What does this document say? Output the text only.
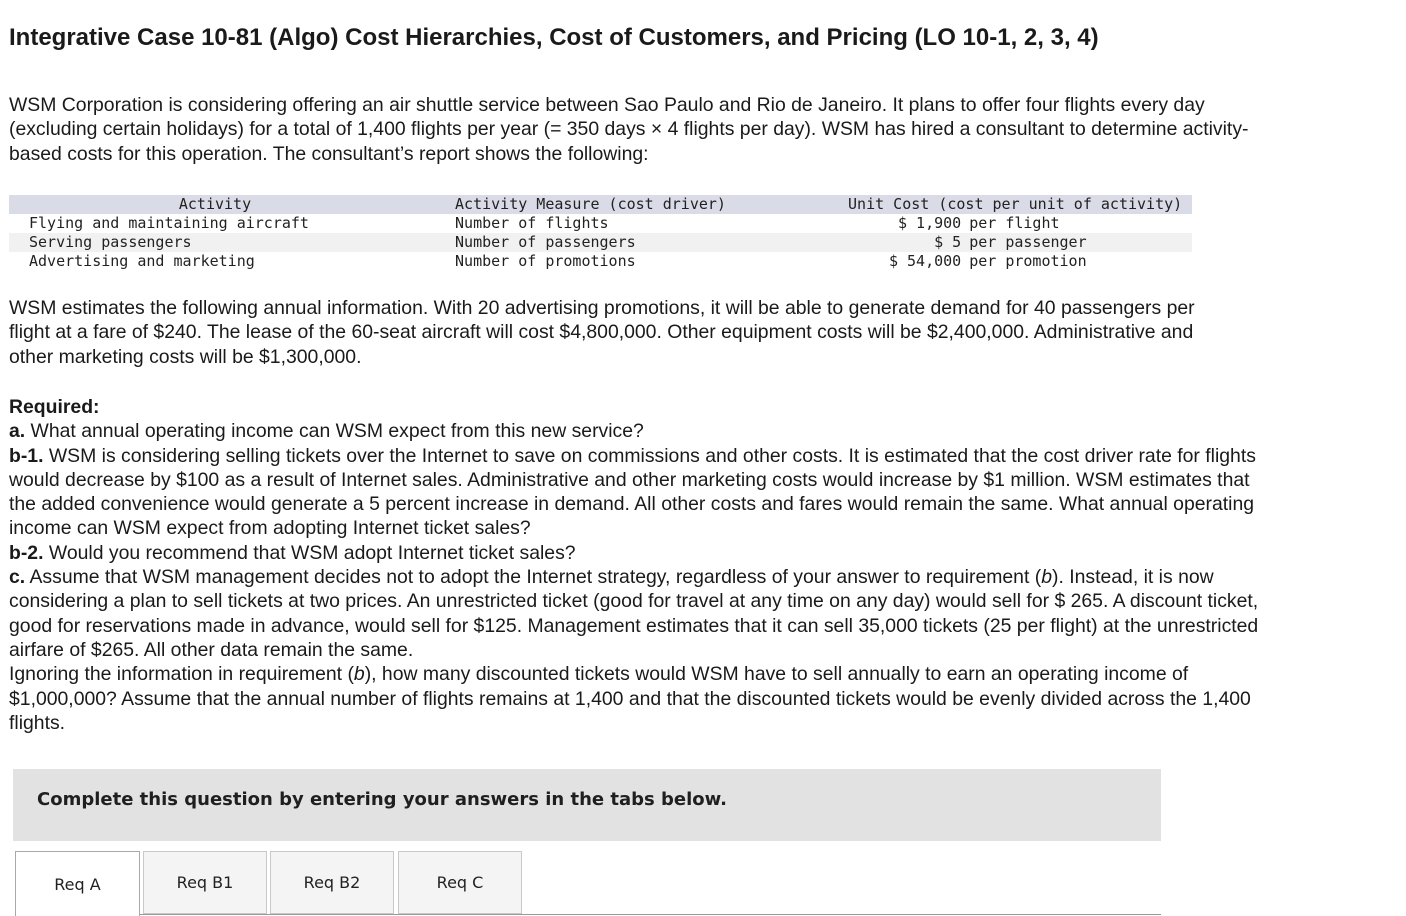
Integrative Case 10-81 (Algo) Cost Hierarchies, Cost of Customers, and Pricing (LO 10-1, 2, 3, 4)

WSM Corporation is considering offering an air shuttle service between Sao Paulo and Rio de Janeiro. It plans to offer four flights every day (excluding certain holidays) for a total of 1,400 flights per year (= 350 days × 4 flights per day). WSM has hired a consultant to determine activity-based costs for this operation. The consultant’s report shows the following:

Activity	Activity Measure (cost driver)	Unit Cost (cost per unit of activity)
Flying and maintaining aircraft	Number of flights	$ 1,900 per flight
Serving passengers	Number of passengers	$ 5 per passenger
Advertising and marketing	Number of promotions	$ 54,000 per promotion

WSM estimates the following annual information. With 20 advertising promotions, it will be able to generate demand for 40 passengers per flight at a fare of $240. The lease of the 60-seat aircraft will cost $4,800,000. Other equipment costs will be $2,400,000. Administrative and other marketing costs will be $1,300,000.

Required:

a. What annual operating income can WSM expect from this new service?

b-1. WSM is considering selling tickets over the Internet to save on commissions and other costs. It is estimated that the cost driver rate for flights would decrease by $100 as a result of Internet sales. Administrative and other marketing costs would increase by $1 million. WSM estimates that the added convenience would generate a 5 percent increase in demand. All other costs and fares would remain the same. What annual operating income can WSM expect from adopting Internet ticket sales?

b-2. Would you recommend that WSM adopt Internet ticket sales?

c. Assume that WSM management decides not to adopt the Internet strategy, regardless of your answer to requirement (b). Instead, it is now considering a plan to sell tickets at two prices. An unrestricted ticket (good for travel at any time on any day) would sell for $ 265. A discount ticket, good for reservations made in advance, would sell for $125. Management estimates that it can sell 35,000 tickets (25 per flight) at the unrestricted airfare of $265. All other data remain the same.

Ignoring the information in requirement (b), how many discounted tickets would WSM have to sell annually to earn an operating income of $1,000,000? Assume that the annual number of flights remains at 1,400 and that the discounted tickets would be evenly divided across the 1,400 flights.

Complete this question by entering your answers in the tabs below.

Req A	Req B1	Req B2	Req C
